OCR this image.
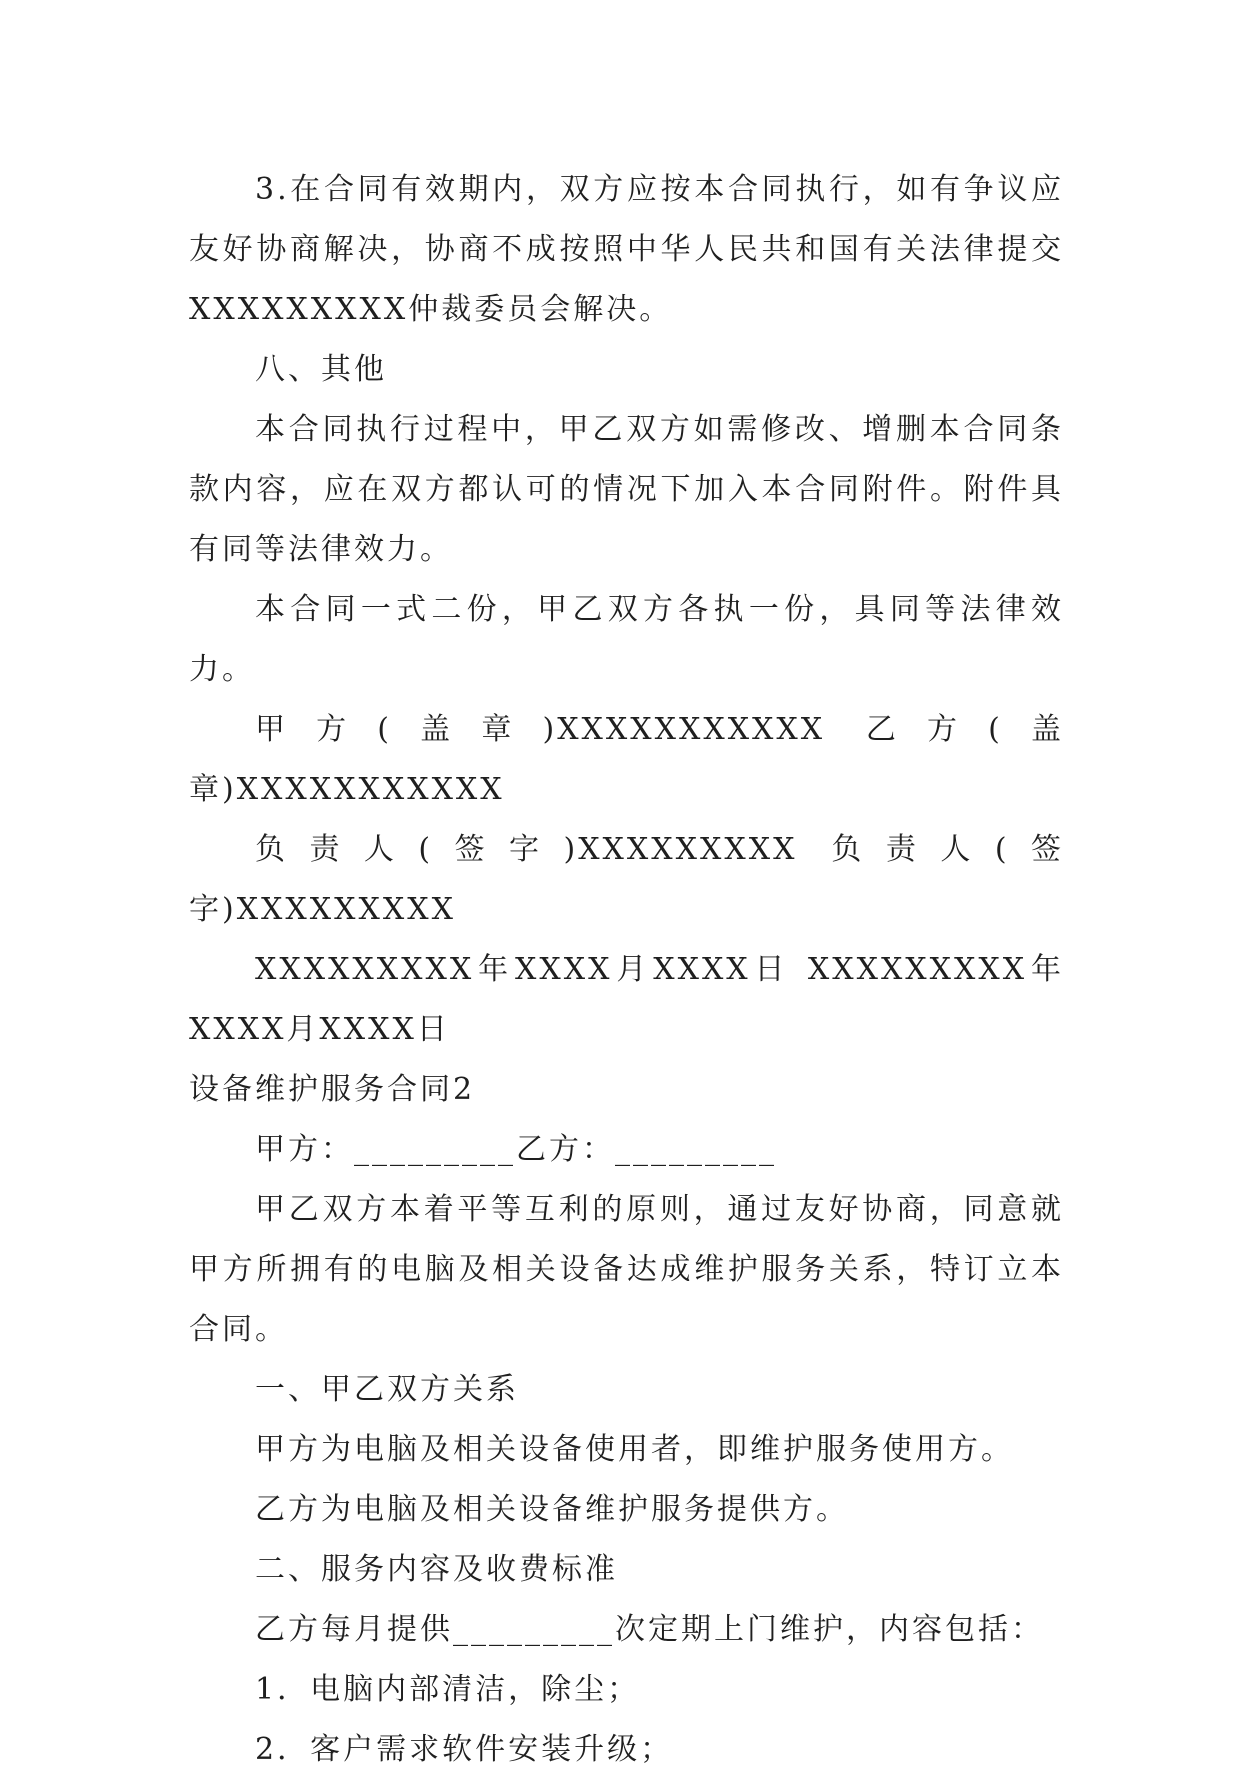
3.在合同有效期内，双方应按本合同执行，如有争议应友好协商解决，协商不成按照中华人民共和国有关法律提交XXXXXXXXX仲裁委员会解决。

八、其他

本合同执行过程中，甲乙双方如需修改、增删本合同条款内容，应在双方都认可的情况下加入本合同附件。附件具有同等法律效力。

本合同一式二份，甲乙双方各执一份，具同等法律效力。

甲方(盖章)XXXXXXXXXXX 乙方(盖章)XXXXXXXXXXX

负责人(签字)XXXXXXXXX 负责人(签字)XXXXXXXXX

XXXXXXXXX年XXXX月XXXX日 XXXXXXXXX年XXXX月XXXX日

设备维护服务合同2

甲方：_________乙方：_________

甲乙双方本着平等互利的原则，通过友好协商，同意就甲方所拥有的电脑及相关设备达成维护服务关系，特订立本合同。

一、甲乙双方关系

甲方为电脑及相关设备使用者，即维护服务使用方。

乙方为电脑及相关设备维护服务提供方。

二、服务内容及收费标准

乙方每月提供_________次定期上门维护，内容包括：

1．电脑内部清洁，除尘；

2．客户需求软件安装升级；
